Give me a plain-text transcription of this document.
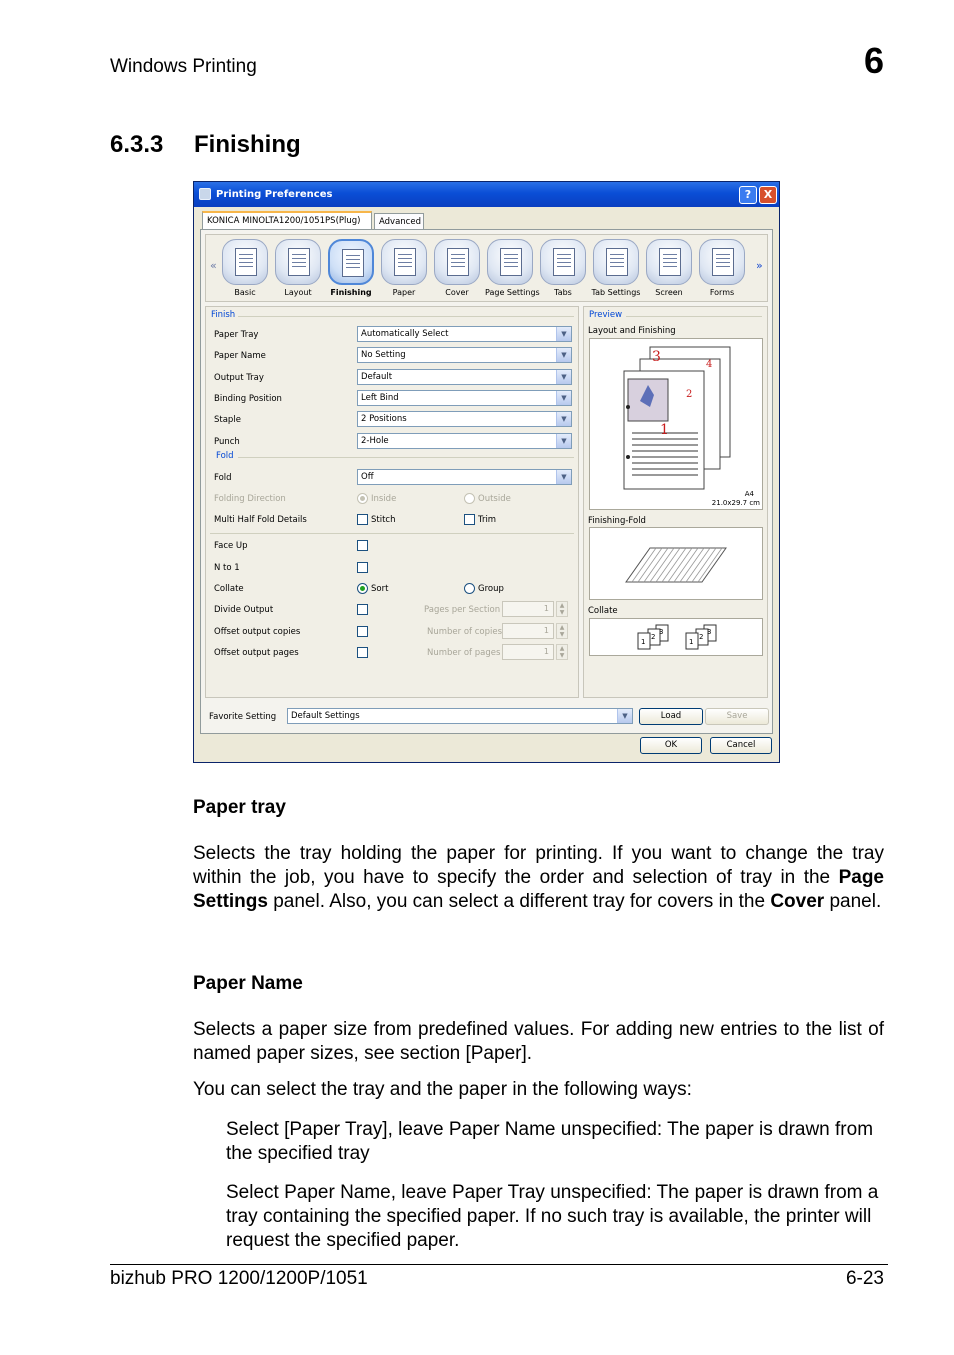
Windows Printing	6
6.3.3 Finishing
Printing Preferences	?	X
KONICA MINOLTA1200/1051PS(Plug)	Advanced
«
Basic	Layout	Finishing	Paper	Cover	Page Settings	Tabs	Tab Settings	Screen	Forms
»
Finish
Paper Tray	Automatically Select	▼
Paper Name	No Setting	▼
Output Tray	Default	▼
Binding Position	Left Bind	▼
Staple	2 Positions	▼
Punch	2-Hole	▼
Fold
Fold	Off	▼
Folding Direction	Inside	Outside
Multi Half Fold Details	Stitch	Trim
Face Up
N to 1
Collate	Sort	Group
Divide Output	Pages per Section	1	▲
▼
Offset output copies	Number of copies	1	▲
▼
Offset output pages	Number of pages	1	▲
▼
Preview
Layout and Finishing
1
2
3	4
A4
21.0x29.7 cm
Finishing-Fold
Collate
1
2
3
1
2
3
Favorite Setting	Default Settings	▼	Load	Save
OK	Cancel
Paper tray
Selects the tray holding the paper for printing. If you want to change the tray within the job, you have to specify the order and selection of tray in the Page Settings panel. Also, you can select a different tray for covers in the Cover panel.
Paper Name
Selects a paper size from predefined values. For adding new entries to the list of named paper sizes, see section [Paper].
You can select the tray and the paper in the following ways:
Select [Paper Tray], leave Paper Name unspecified: The paper is drawn from the specified tray
Select Paper Name, leave Paper Tray unspecified: The paper is drawn from a tray containing the specified paper. If no such tray is available, the printer will request the specified paper.
bizhub PRO 1200/1200P/1051	6-23
